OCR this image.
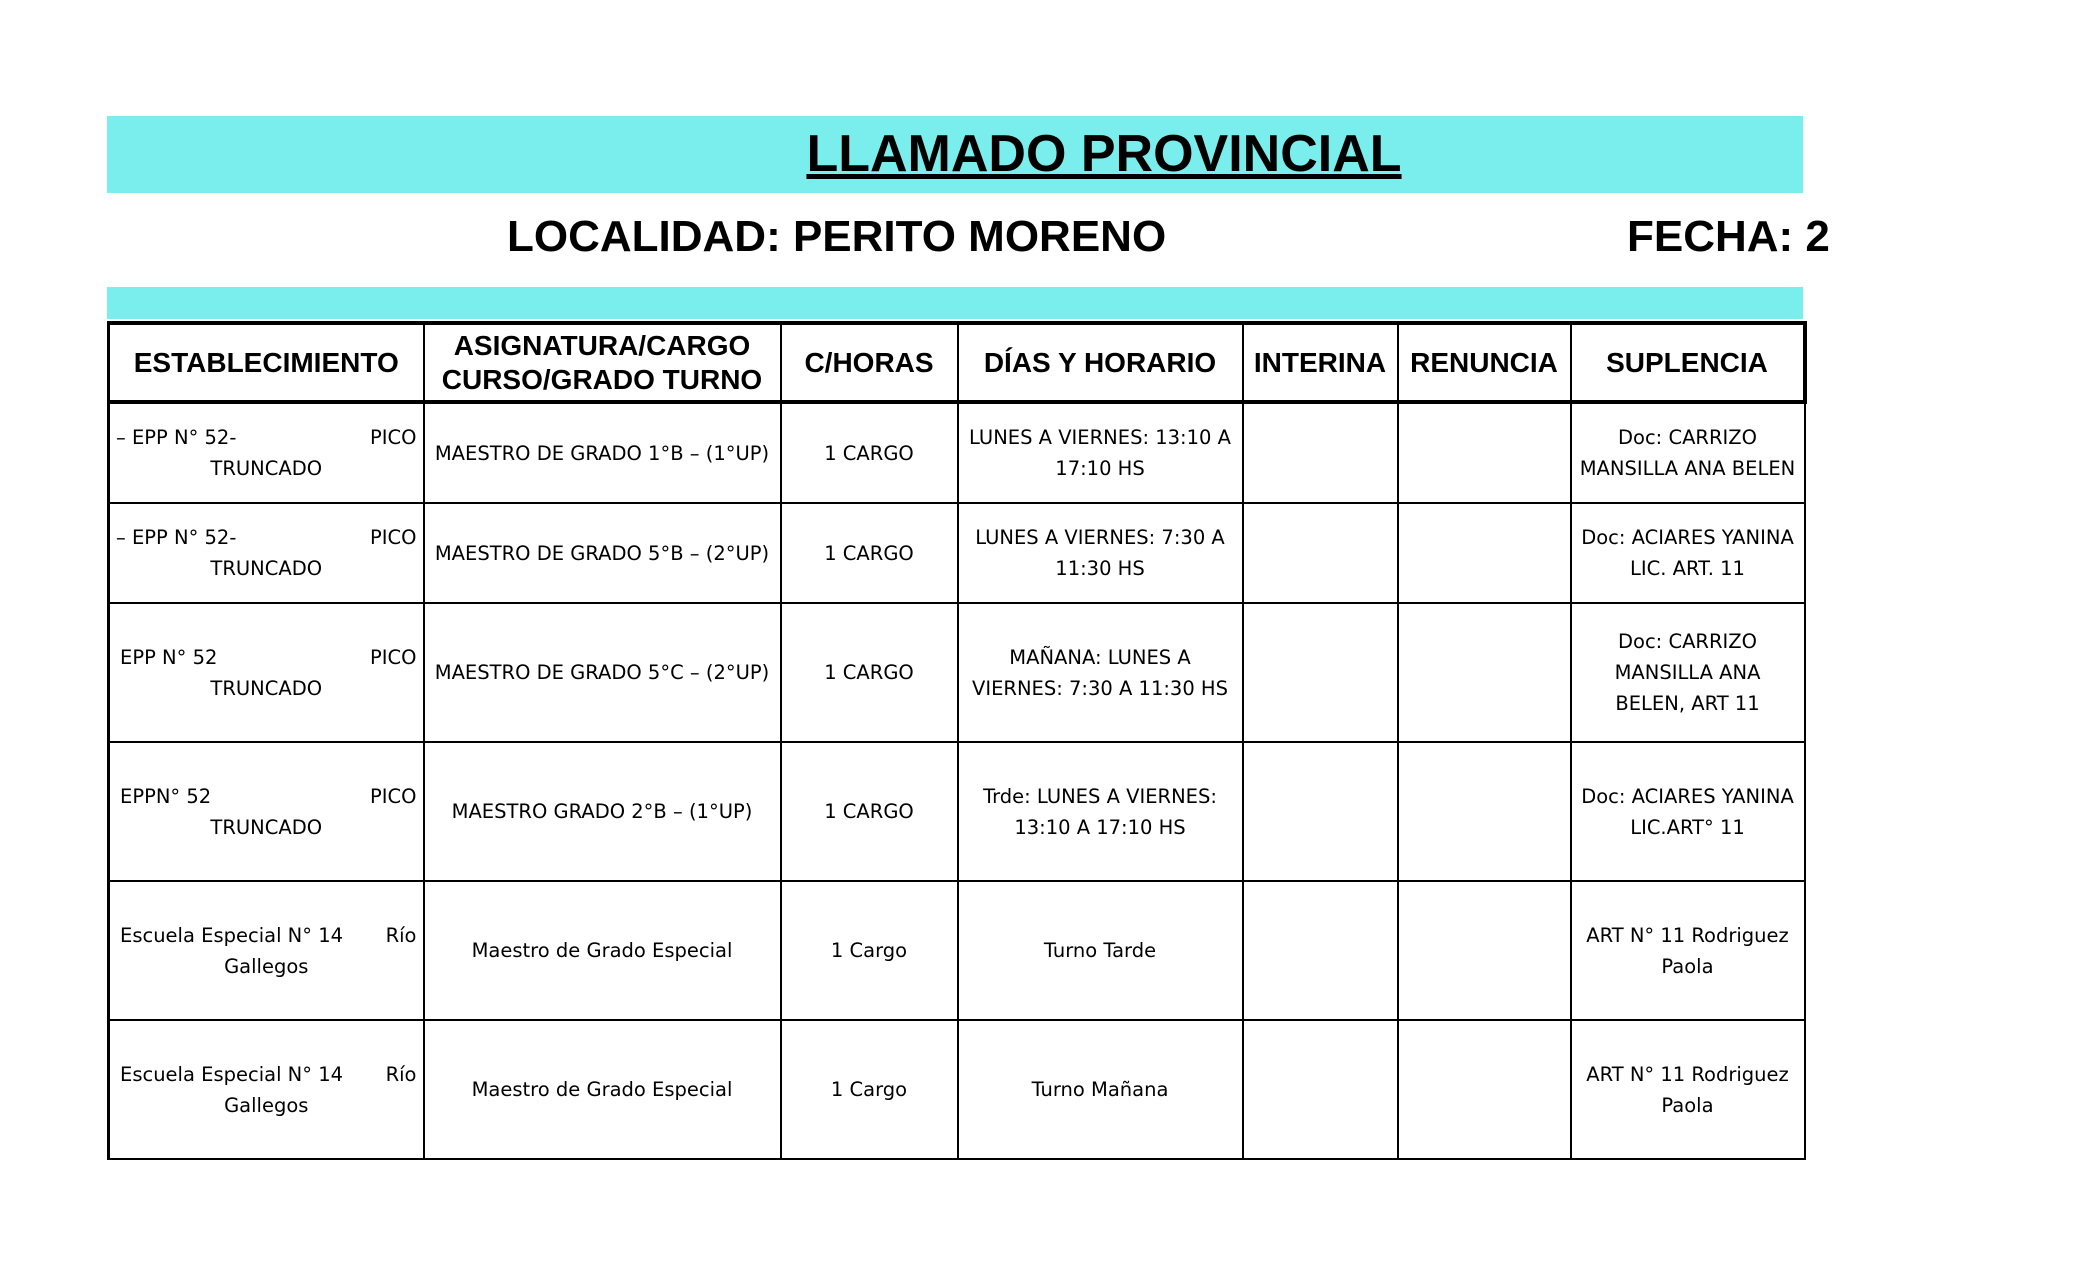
LLAMADO PROVINCIAL
LOCALIDAD: PERITO MORENO	FECHA: 2
ESTABLECIMIENTO	ASIGNATURA/CARGO CURSO/GRADO TURNO	C/HORAS	DÍAS Y HORARIO	INTERINA	RENUNCIA	SUPLENCIA

– EPP N° 52- PICO
TRUNCADO	MAESTRO DE GRADO 1°B – (1°UP)	1 CARGO	LUNES A VIERNES: 13:10 A 17:10 HS			Doc: CARRIZO MANSILLA ANA BELEN

– EPP N° 52- PICO
TRUNCADO	MAESTRO DE GRADO 5°B – (2°UP)	1 CARGO	LUNES A VIERNES: 7:30 A 11:30 HS			Doc: ACIARES YANINA LIC. ART. 11

EPP N° 52 PICO
TRUNCADO	MAESTRO DE GRADO 5°C – (2°UP)	1 CARGO	MAÑANA: LUNES A VIERNES: 7:30 A 11:30 HS			Doc: CARRIZO MANSILLA ANA BELEN, ART 11

EPPN° 52 PICO
TRUNCADO	MAESTRO GRADO 2°B – (1°UP)	1 CARGO	Trde: LUNES A VIERNES: 13:10 A 17:10 HS			Doc: ACIARES YANINA LIC.ART° 11

Escuela Especial N° 14 Río
Gallegos	Maestro de Grado Especial	1 Cargo	Turno Tarde			ART N° 11 Rodriguez Paola

Escuela Especial N° 14 Río
Gallegos	Maestro de Grado Especial	1 Cargo	Turno Mañana			ART N° 11 Rodriguez Paola
